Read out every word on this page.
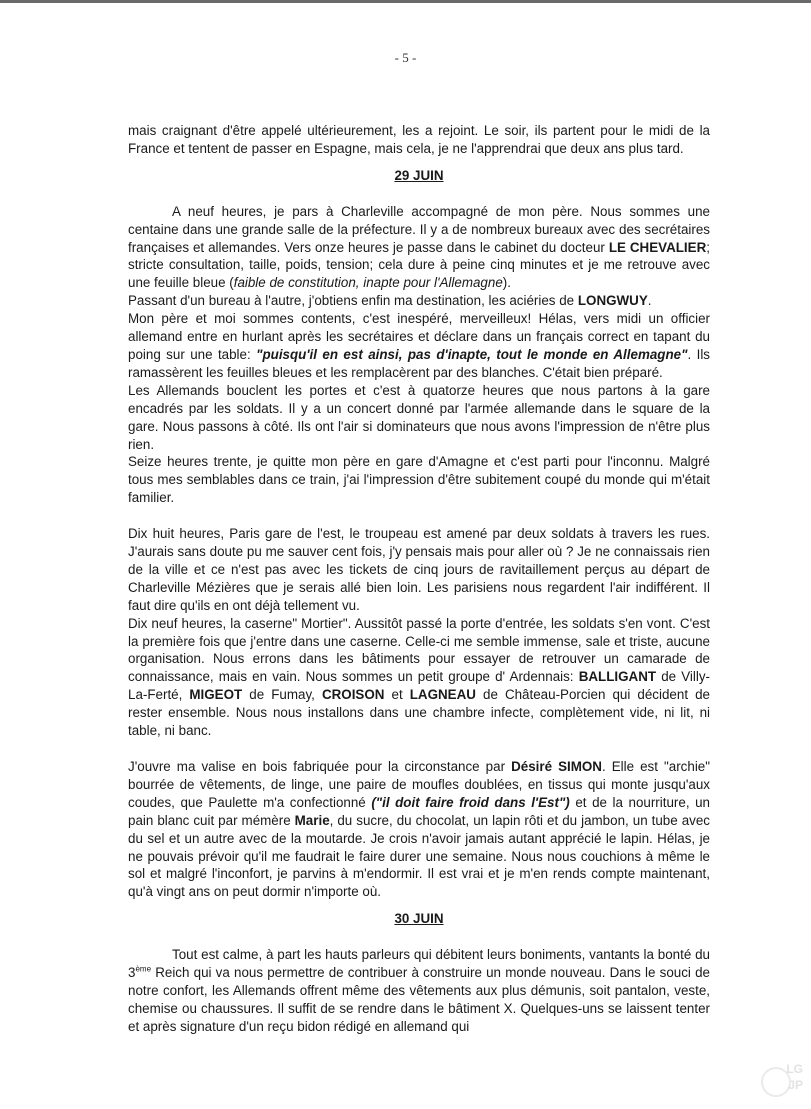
- 5 -

mais craignant d'être appelé ultérieurement, les a rejoint. Le soir, ils partent pour le midi de la France et tentent de passer en Espagne, mais cela, je ne l'apprendrai que deux ans plus tard.

29 JUIN

A neuf heures, je pars à Charleville accompagné de mon père. Nous sommes une centaine dans une grande salle de la préfecture. Il y a de nombreux bureaux avec des secrétaires françaises et allemandes. Vers onze heures je passe dans le cabinet du docteur LE CHEVALIER; stricte consultation, taille, poids, tension; cela dure à peine cinq minutes et je me retrouve avec une feuille bleue (faible de constitution, inapte pour l'Allemagne).

Passant d'un bureau à l'autre, j'obtiens enfin ma destination, les aciéries de LONGWUY.

Mon père et moi sommes contents, c'est inespéré, merveilleux! Hélas, vers midi un officier allemand entre en hurlant après les secrétaires et déclare dans un français correct en tapant du poing sur une table: "puisqu'il en est ainsi, pas d'inapte, tout le monde en Allemagne". Ils ramassèrent les feuilles bleues et les remplacèrent par des blanches. C'était bien préparé.

Les Allemands bouclent les portes et c'est à quatorze heures que nous partons à la gare encadrés par les soldats. Il y a un concert donné par l'armée allemande dans le square de la gare. Nous passons à côté. Ils ont l'air si dominateurs que nous avons l'impression de n'être plus rien.

Seize heures trente, je quitte mon père en gare d'Amagne et c'est parti pour l'inconnu. Malgré tous mes semblables dans ce train, j'ai l'impression d'être subitement coupé du monde qui m'était familier.

Dix huit heures, Paris gare de l'est, le troupeau est amené par deux soldats à travers les rues. J'aurais sans doute pu me sauver cent fois, j'y pensais mais pour aller où ? Je ne connaissais rien de la ville et ce n'est pas avec les tickets de cinq jours de ravitaillement perçus au départ de Charleville Mézières que je serais allé bien loin. Les parisiens nous regardent l'air indifférent. Il faut dire qu'ils en ont déjà tellement vu.

Dix neuf heures, la caserne" Mortier". Aussitôt passé la porte d'entrée, les soldats s'en vont. C'est la première fois que j'entre dans une caserne. Celle-ci me semble immense, sale et triste, aucune organisation. Nous errons dans les bâtiments pour essayer de retrouver un camarade de connaissance, mais en vain. Nous sommes un petit groupe d' Ardennais: BALLIGANT de Villy-La-Ferté, MIGEOT de Fumay, CROISON et LAGNEAU de Château-Porcien qui décident de rester ensemble. Nous nous installons dans une chambre infecte, complètement vide, ni lit, ni table, ni banc.

J'ouvre ma valise en bois fabriquée pour la circonstance par Désiré SIMON. Elle est "archie" bourrée de vêtements, de linge, une paire de moufles doublées, en tissus qui monte jusqu'aux coudes, que Paulette m'a confectionné ("il doit faire froid dans l'Est") et de la nourriture, un pain blanc cuit par mémère Marie, du sucre, du chocolat, un lapin rôti et du jambon, un tube avec du sel et un autre avec de la moutarde. Je crois n'avoir jamais autant apprécié le lapin. Hélas, je ne pouvais prévoir qu'il me faudrait le faire durer une semaine. Nous nous couchions à même le sol et malgré l'inconfort, je parvins à m'endormir. Il est vrai et je m'en rends compte maintenant, qu'à vingt ans on peut dormir n'importe où.

30 JUIN

Tout est calme, à part les hauts parleurs qui débitent leurs boniments, vantants la bonté du 3ème Reich qui va nous permettre de contribuer à construire un monde nouveau. Dans le souci de notre confort, les Allemands offrent même des vêtements aux plus démunis, soit pantalon, veste, chemise ou chaussures. Il suffit de se rendre dans le bâtiment X. Quelques-uns se laissent tenter et après signature d'un reçu bidon rédigé en allemand qui

LG
JP
